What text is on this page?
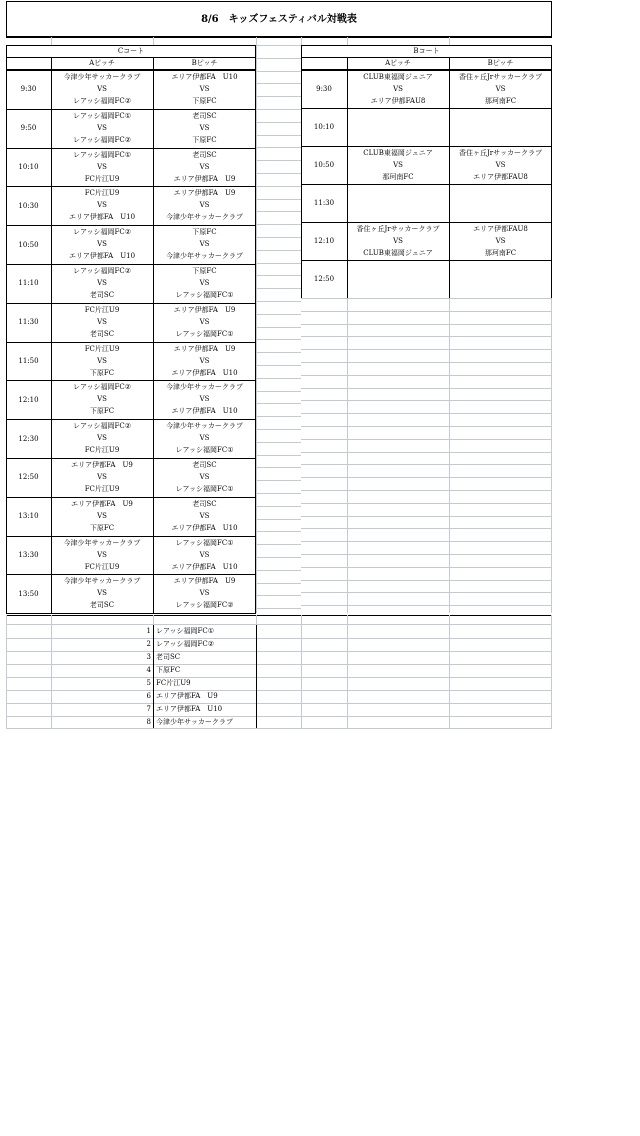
8/6　キッズフェスティバル対戦表
Cコート
Aピッチ	Bピッチ
9:30
今津少年サッカークラブ
VS
レアッシ福岡FC②
エリア伊都FA　U10
VS
下原FC
9:50
レアッシ福岡FC①
VS
レアッシ福岡FC②
老司SC
VS
下原FC
10:10
レアッシ福岡FC①
VS
FC片江U9
老司SC
VS
エリア伊都FA　U9
10:30
FC片江U9
VS
エリア伊都FA　U10
エリア伊都FA　U9
VS
今津少年サッカークラブ
10:50
レアッシ福岡FC②
VS
エリア伊都FA　U10
下原FC
VS
今津少年サッカークラブ
11:10
レアッシ福岡FC②
VS
老司SC
下原FC
VS
レアッシ福岡FC①
11:30
FC片江U9
VS
老司SC
エリア伊都FA　U9
VS
レアッシ福岡FC①
11:50
FC片江U9
VS
下原FC
エリア伊都FA　U9
VS
エリア伊都FA　U10
12:10
レアッシ福岡FC②
VS
下原FC
今津少年サッカークラブ
VS
エリア伊都FA　U10
12:30
レアッシ福岡FC②
VS
FC片江U9
今津少年サッカークラブ
VS
レアッシ福岡FC①
12:50
エリア伊都FA　U9
VS
FC片江U9
老司SC
VS
レアッシ福岡FC①
13:10
エリア伊都FA　U9
VS
下原FC
老司SC
VS
エリア伊都FA　U10
13:30
今津少年サッカークラブ
VS
FC片江U9
レアッシ福岡FC①
VS
エリア伊都FA　U10
13:50
今津少年サッカークラブ
VS
老司SC
エリア伊都FA　U9
VS
レアッシ福岡FC②
Bコート
Aピッチ	Bピッチ
9:30
CLUB東福岡ジュニア
VS
エリア伊都FAU8
香住ヶ丘Jrサッカークラブ
VS
那珂南FC
10:10
10:50
CLUB東福岡ジュニア
VS
那珂南FC
香住ヶ丘Jrサッカークラブ
VS
エリア伊都FAU8
11:30
12:10
香住ヶ丘Jrサッカークラブ
VS
CLUB東福岡ジュニア
エリア伊都FAU8
VS
那珂南FC
12:50
1 レアッシ福岡FC①
2 レアッシ福岡FC②
3 老司SC
4 下原FC
5 FC片江U9
6 エリア伊都FA　U9
7 エリア伊都FA　U10
8 今津少年サッカークラブ
